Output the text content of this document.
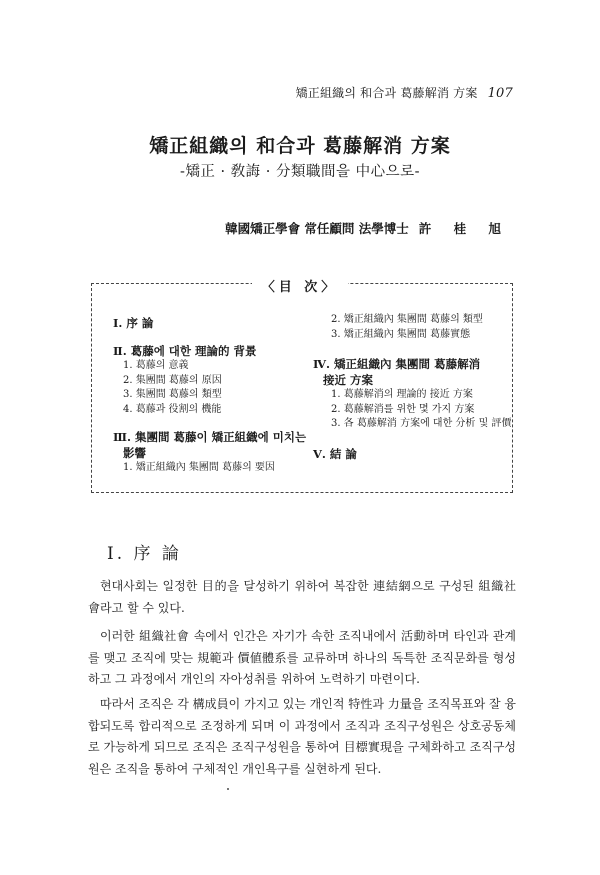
矯正組織의 和合과 葛藤解消 方案 107
矯正組織의 和合과 葛藤解消 方案
-矯正 · 敎誨 · 分類職間을 中心으로-
韓國矯正學會 常任顧問 法學博士 許 桂 旭
〈目 次〉
Ⅰ. 序 論
Ⅱ. 葛藤에 대한 理論的 背景
1. 葛藤의 意義
2. 集團間 葛藤의 原因
3. 集團間 葛藤의 類型
4. 葛藤과 役割의 機能
Ⅲ. 集團間 葛藤이 矯正組織에 미치는
影響
1. 矯正組織內 集團間 葛藤의 要因
2. 矯正組織內 集團間 葛藤의 類型
3. 矯正組織內 集團間 葛藤實態
Ⅳ. 矯正組織內 集團間 葛藤解消
接近 方案
1. 葛藤解消의 理論的 接近 方案
2. 葛藤解消를 위한 몇 가지 方案
3. 各 葛藤解消 方案에 대한 分析 및 評價
Ⅴ. 結 論
Ⅰ. 序 論

현대사회는 일정한 目的을 달성하기 위하여 복잡한 連結網으로 구성된 組織社會라고 할 수 있다.

이러한 組織社會 속에서 인간은 자기가 속한 조직내에서 活動하며 타인과 관계를 맺고 조직에 맞는 規範과 價値體系를 교류하며 하나의 독특한 조직문화를 형성하고 그 과정에서 개인의 자아성취를 위하여 노력하기 마련이다.

따라서 조직은 각 構成員이 가지고 있는 개인적 特性과 力量을 조직목표와 잘 융합되도록 합리적으로 조정하게 되며 이 과정에서 조직과 조직구성원은 상호공동체로 가능하게 되므로 조직은 조직구성원을 통하여 目標實現을 구체화하고 조직구성원은 조직을 통하여 구체적인 개인욕구를 실현하게 된다.
